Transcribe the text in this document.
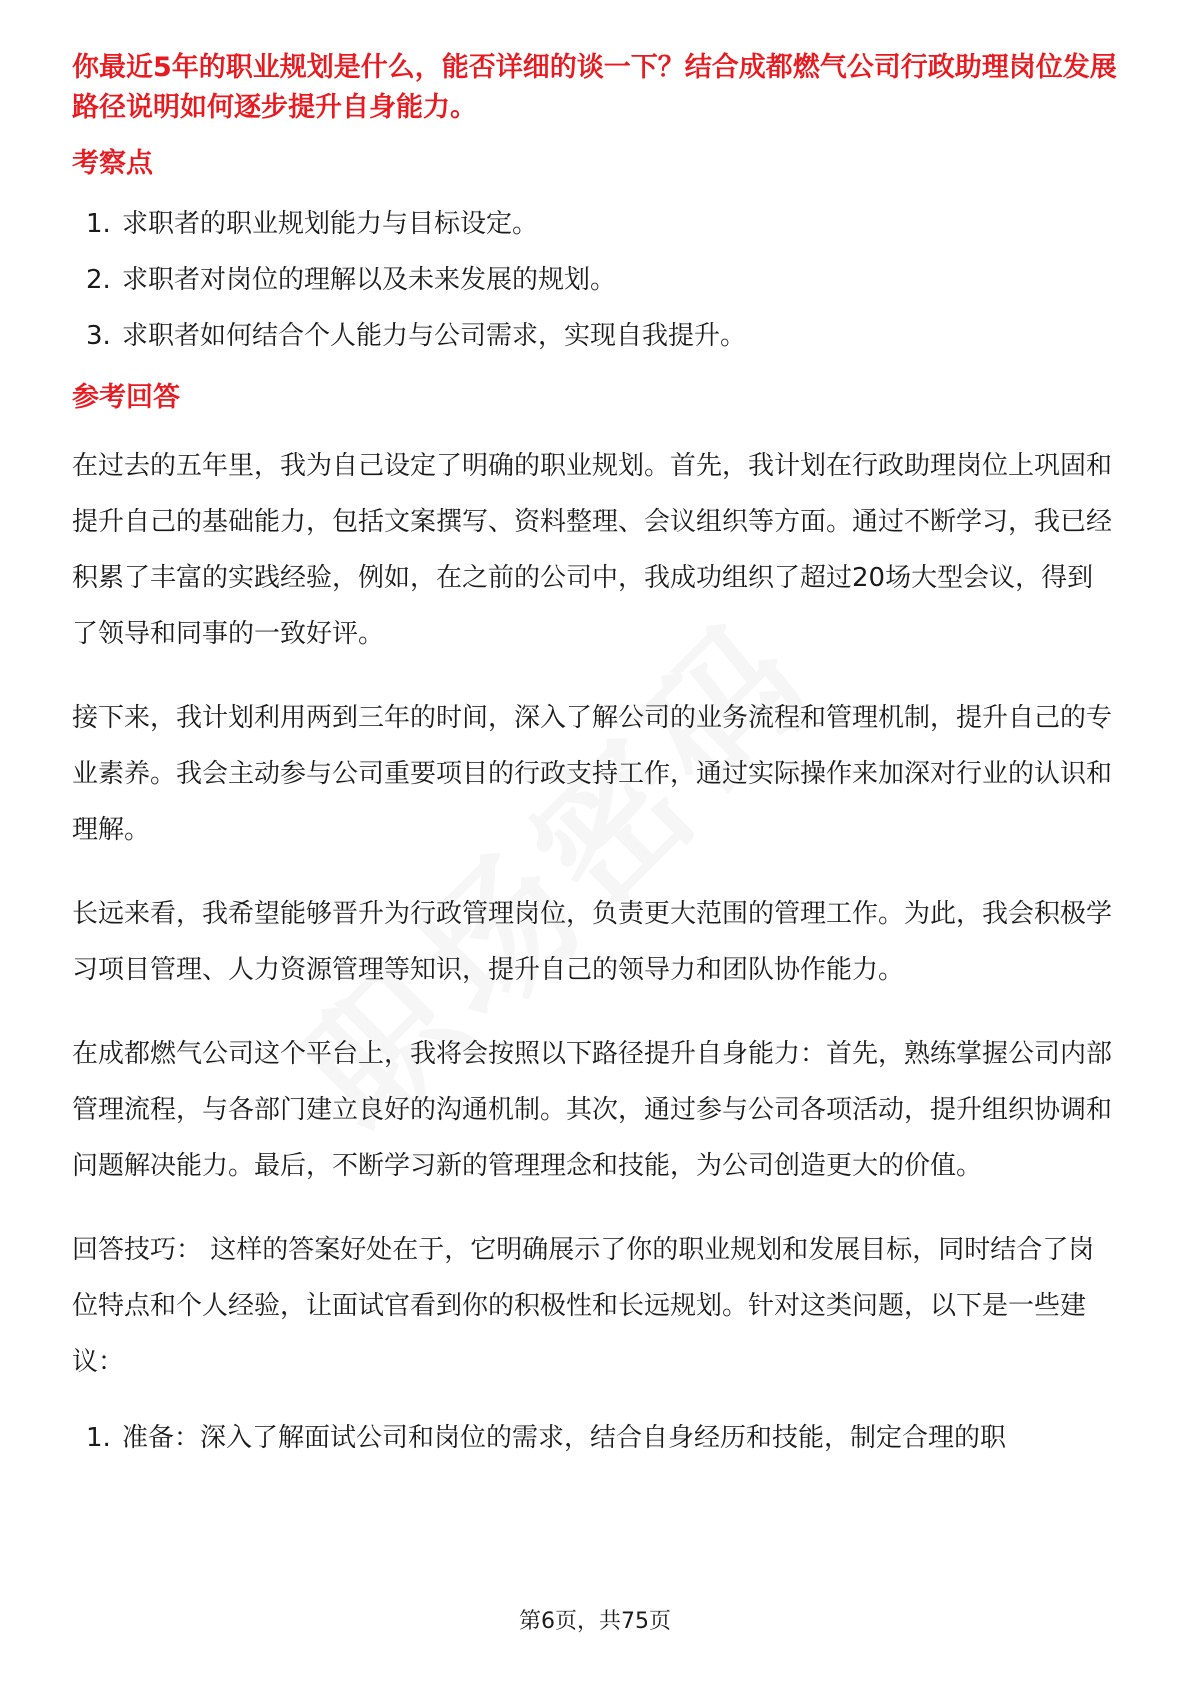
你最近5年的职业规划是什么，能否详细的谈一下？结合成都燃气公司行政助理岗位发展路径说明如何逐步提升自身能力。
考察点
1. 求职者的职业规划能力与目标设定。
2. 求职者对岗位的理解以及未来发展的规划。
3. 求职者如何结合个人能力与公司需求，实现自我提升。
参考回答

在过去的五年里，我为自己设定了明确的职业规划。首先，我计划在行政助理岗位上巩固和提升自己的基础能力，包括文案撰写、资料整理、会议组织等方面。通过不断学习，我已经积累了丰富的实践经验，例如，在之前的公司中，我成功组织了超过20场大型会议，得到了领导和同事的一致好评。

接下来，我计划利用两到三年的时间，深入了解公司的业务流程和管理机制，提升自己的专业素养。我会主动参与公司重要项目的行政支持工作，通过实际操作来加深对行业的认识和理解。

长远来看，我希望能够晋升为行政管理岗位，负责更大范围的管理工作。为此，我会积极学习项目管理、人力资源管理等知识，提升自己的领导力和团队协作能力。

在成都燃气公司这个平台上，我将会按照以下路径提升自身能力：首先，熟练掌握公司内部管理流程，与各部门建立良好的沟通机制。其次，通过参与公司各项活动，提升组织协调和问题解决能力。最后，不断学习新的管理理念和技能，为公司创造更大的价值。

回答技巧： 这样的答案好处在于，它明确展示了你的职业规划和发展目标，同时结合了岗位特点和个人经验，让面试官看到你的积极性和长远规划。针对这类问题，以下是一些建议：

1. 准备：深入了解面试公司和岗位的需求，结合自身经历和技能，制定合理的职
第6页，共75页
